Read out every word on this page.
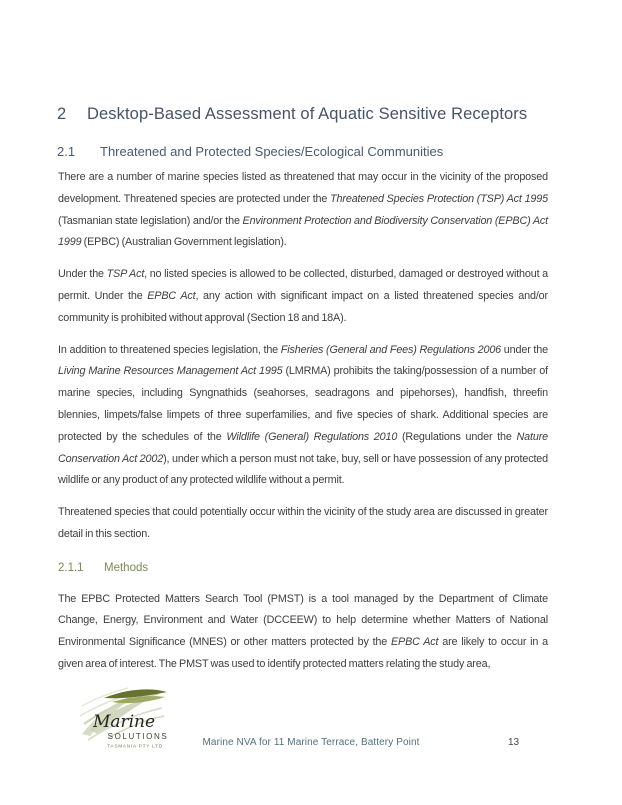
2	Desktop-Based Assessment of Aquatic Sensitive Receptors
2.1	Threatened and Protected Species/Ecological Communities

There are a number of marine species listed as threatened that may occur in the vicinity of the proposed development. Threatened species are protected under the Threatened Species Protection (TSP) Act 1995 (Tasmanian state legislation) and/or the Environment Protection and Biodiversity Conservation (EPBC) Act 1999 (EPBC) (Australian Government legislation).

Under the TSP Act, no listed species is allowed to be collected, disturbed, damaged or destroyed without a permit. Under the EPBC Act, any action with significant impact on a listed threatened species and/or community is prohibited without approval (Section 18 and 18A).

In addition to threatened species legislation, the Fisheries (General and Fees) Regulations 2006 under the Living Marine Resources Management Act 1995 (LMRMA) prohibits the taking/possession of a number of marine species, including Syngnathids (seahorses, seadragons and pipehorses), handfish, threefin blennies, limpets/false limpets of three superfamilies, and five species of shark. Additional species are protected by the schedules of the Wildlife (General) Regulations 2010 (Regulations under the Nature Conservation Act 2002), under which a person must not take, buy, sell or have possession of any protected wildlife or any product of any protected wildlife without a permit.

Threatened species that could potentially occur within the vicinity of the study area are discussed in greater detail in this section.

2.1.1	Methods

The EPBC Protected Matters Search Tool (PMST) is a tool managed by the Department of Climate Change, Energy, Environment and Water (DCCEEW) to help determine whether Matters of National Environmental Significance (MNES) or other matters protected by the EPBC Act are likely to occur in a given area of interest. The PMST was used to identify protected matters relating the study area,

Marine
SOLUTIONS
TASMANIA PTY LTD	Marine NVA for 11 Marine Terrace, Battery Point	13
